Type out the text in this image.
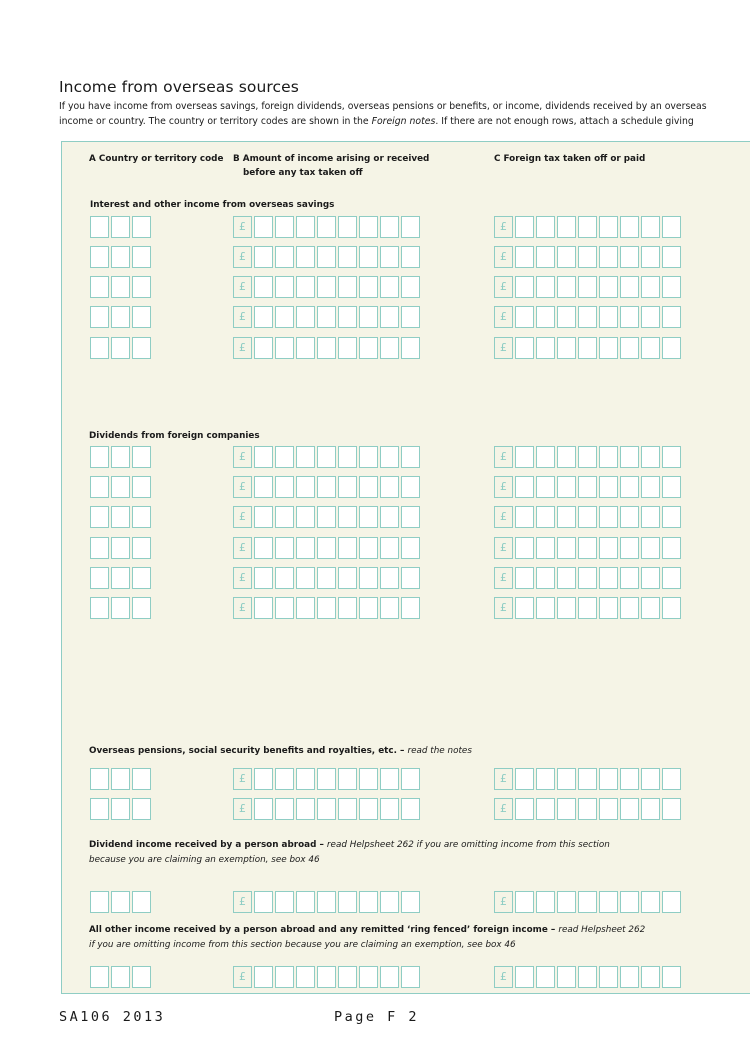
Income from overseas sources
If you have income from overseas savings, foreign dividends, overseas pensions or benefits, or income, dividends received by an overseas
income or country. The country or territory codes are shown in the Foreign notes. If there are not enough rows, attach a schedule giving
A Country or territory code B Amount of income arising or received
before any tax taken off
C Foreign tax taken off or paid
Interest and other income from overseas savings
Dividends from foreign companies
Overseas pensions, social security benefits and royalties, etc. – read the notes
Dividend income received by a person abroad – read Helpsheet 262 if you are omitting income from this section
because you are claiming an exemption, see box 46
All other income received by a person abroad and any remitted ‘ring fenced’ foreign income – read Helpsheet 262
if you are omitting income from this section because you are claiming an exemption, see box 46
£	£
£	£
£	£
£	£
£	£
£	£
£	£
£	£
£	£
£	£
£	£
£	£
£	£
£	£
£	£
SA106 2013	Page F 2
